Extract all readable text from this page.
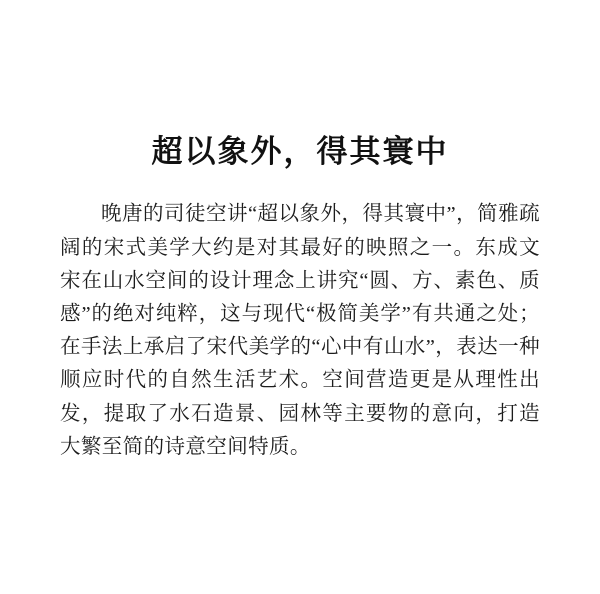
超以象外，得其寰中

晚唐的司徒空讲“超以象外，得其寰中”，简雅疏阔的宋式美学大约是对其最好的映照之一。东成文宋在山水空间的设计理念上讲究“圆、方、素色、质感”的绝对纯粹，这与现代“极简美学”有共通之处；在手法上承启了宋代美学的“心中有山水”，表达一种顺应时代的自然生活艺术。空间营造更是从理性出发，提取了水石造景、园林等主要物的意向，打造大繁至简的诗意空间特质。
